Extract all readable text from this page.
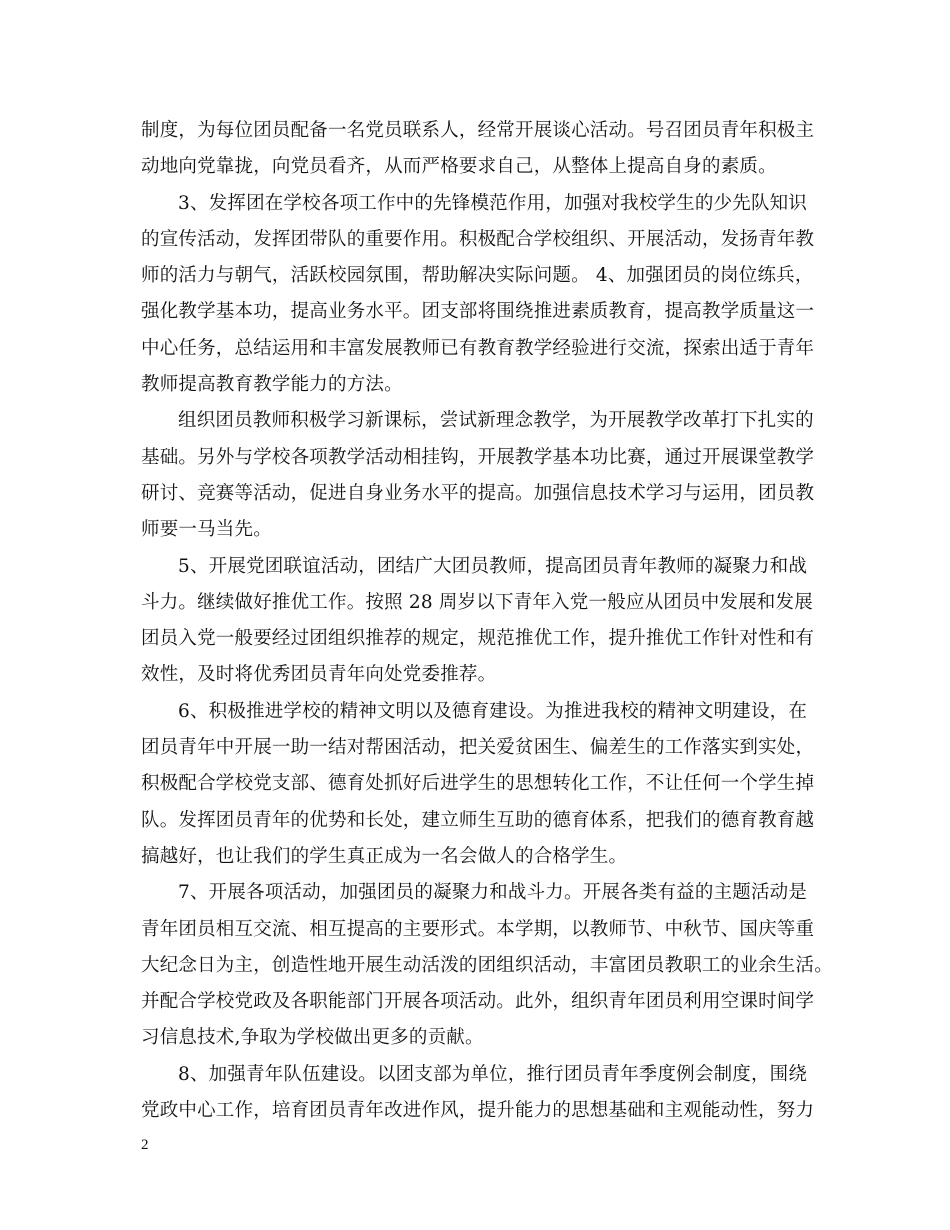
制度，为每位团员配备一名党员联系人，经常开展谈心活动。号召团员青年积极主
动地向党靠拢，向党员看齐，从而严格要求自己，从整体上提高自身的素质。

3、发挥团在学校各项工作中的先锋模范作用，加强对我校学生的少先队知识
的宣传活动，发挥团带队的重要作用。积极配合学校组织、开展活动，发扬青年教
师的活力与朝气，活跃校园氛围，帮助解决实际问题。 4、加强团员的岗位练兵，
强化教学基本功，提高业务水平。团支部将围绕推进素质教育，提高教学质量这一
中心任务，总结运用和丰富发展教师已有教育教学经验进行交流，探索出适于青年
教师提高教育教学能力的方法。

组织团员教师积极学习新课标，尝试新理念教学，为开展教学改革打下扎实的
基础。另外与学校各项教学活动相挂钩，开展教学基本功比赛，通过开展课堂教学
研讨、竞赛等活动，促进自身业务水平的提高。加强信息技术学习与运用，团员教
师要一马当先。

5、开展党团联谊活动，团结广大团员教师，提高团员青年教师的凝聚力和战
斗力。继续做好推优工作。按照 28 周岁以下青年入党一般应从团员中发展和发展
团员入党一般要经过团组织推荐的规定，规范推优工作，提升推优工作针对性和有
效性，及时将优秀团员青年向处党委推荐。

6、积极推进学校的精神文明以及德育建设。为推进我校的精神文明建设，在
团员青年中开展一助一结对帮困活动，把关爱贫困生、偏差生的工作落实到实处，
积极配合学校党支部、德育处抓好后进学生的思想转化工作，不让任何一个学生掉
队。发挥团员青年的优势和长处，建立师生互助的德育体系，把我们的德育教育越
搞越好，也让我们的学生真正成为一名会做人的合格学生。

7、开展各项活动，加强团员的凝聚力和战斗力。开展各类有益的主题活动是
青年团员相互交流、相互提高的主要形式。本学期，以教师节、中秋节、国庆等重
大纪念日为主，创造性地开展生动活泼的团组织活动，丰富团员教职工的业余生活。
并配合学校党政及各职能部门开展各项活动。此外，组织青年团员利用空课时间学
习信息技术,争取为学校做出更多的贡献。

8、加强青年队伍建设。以团支部为单位，推行团员青年季度例会制度，围绕
党政中心工作，培育团员青年改进作风，提升能力的思想基础和主观能动性，努力

2
